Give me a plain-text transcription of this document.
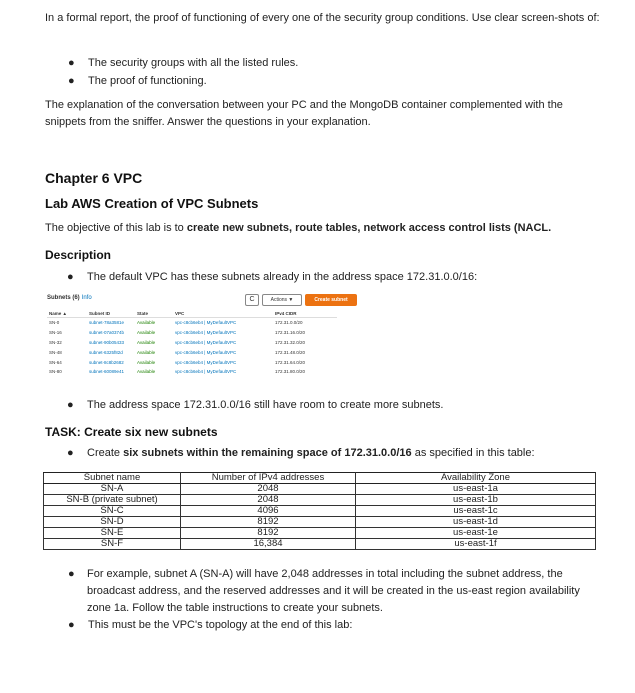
In a formal report, the proof of functioning of every one of the security group conditions. Use clear screen-shots of:

● The security groups with all the listed rules.
● The proof of functioning.

The explanation of the conversation between your PC and the MongoDB container complemented with the snippets from the sniffer. Answer the questions in your explanation.

Chapter 6 VPC
Lab AWS Creation of VPC Subnets
The objective of this lab is to create new subnets, route tables, network access control lists (NACL.
Description
● The default VPC has these subnets already in the address space 172.31.0.0/16:
Subnets (6) Info	C	Actions ▼	Create subnet
Name ▲	Subnet ID	State	VPC	IPv4 CIDR
SN-0	subnet-78a3581e	Available	vpc-c8cb6eb4 | MyDefaultVPC	172.31.0.0/20
SN-16	subnet-07a0374b	Available	vpc-c8cb6eb4 | MyDefaultVPC	172.31.16.0/20
SN-32	subnet-90b05433	Available	vpc-c8cb6eb4 | MyDefaultVPC	172.31.32.0/20
SN-48	subnet-6325f82d	Available	vpc-c8cb6eb4 | MyDefaultVPC	172.31.48.0/20
SN-64	subnet-8c8b2682	Available	vpc-c8cb6eb4 | MyDefaultVPC	172.31.64.0/20
SN-80	subnet-60089e41	Available	vpc-c8cb6eb4 | MyDefaultVPC	172.31.80.0/20
● The address space 172.31.0.0/16 still have room to create more subnets.
TASK: Create six new subnets
● Create six subnets within the remaining space of 172.31.0.0/16 as specified in this table:
Subnet name	Number of IPv4 addresses	Availability Zone
SN-A	2048	us-east-1a
SN-B (private subnet)	2048	us-east-1b
SN-C	4096	us-east-1c
SN-D	8192	us-east-1d
SN-E	8192	us-east-1e
SN-F	16,384	us-east-1f
● For example, subnet A (SN-A) will have 2,048 addresses in total including the subnet address, the broadcast address, and the reserved addresses and it will be created in the us-east region availability zone 1a. Follow the table instructions to create your subnets.

● This must be the VPC's topology at the end of this lab:
